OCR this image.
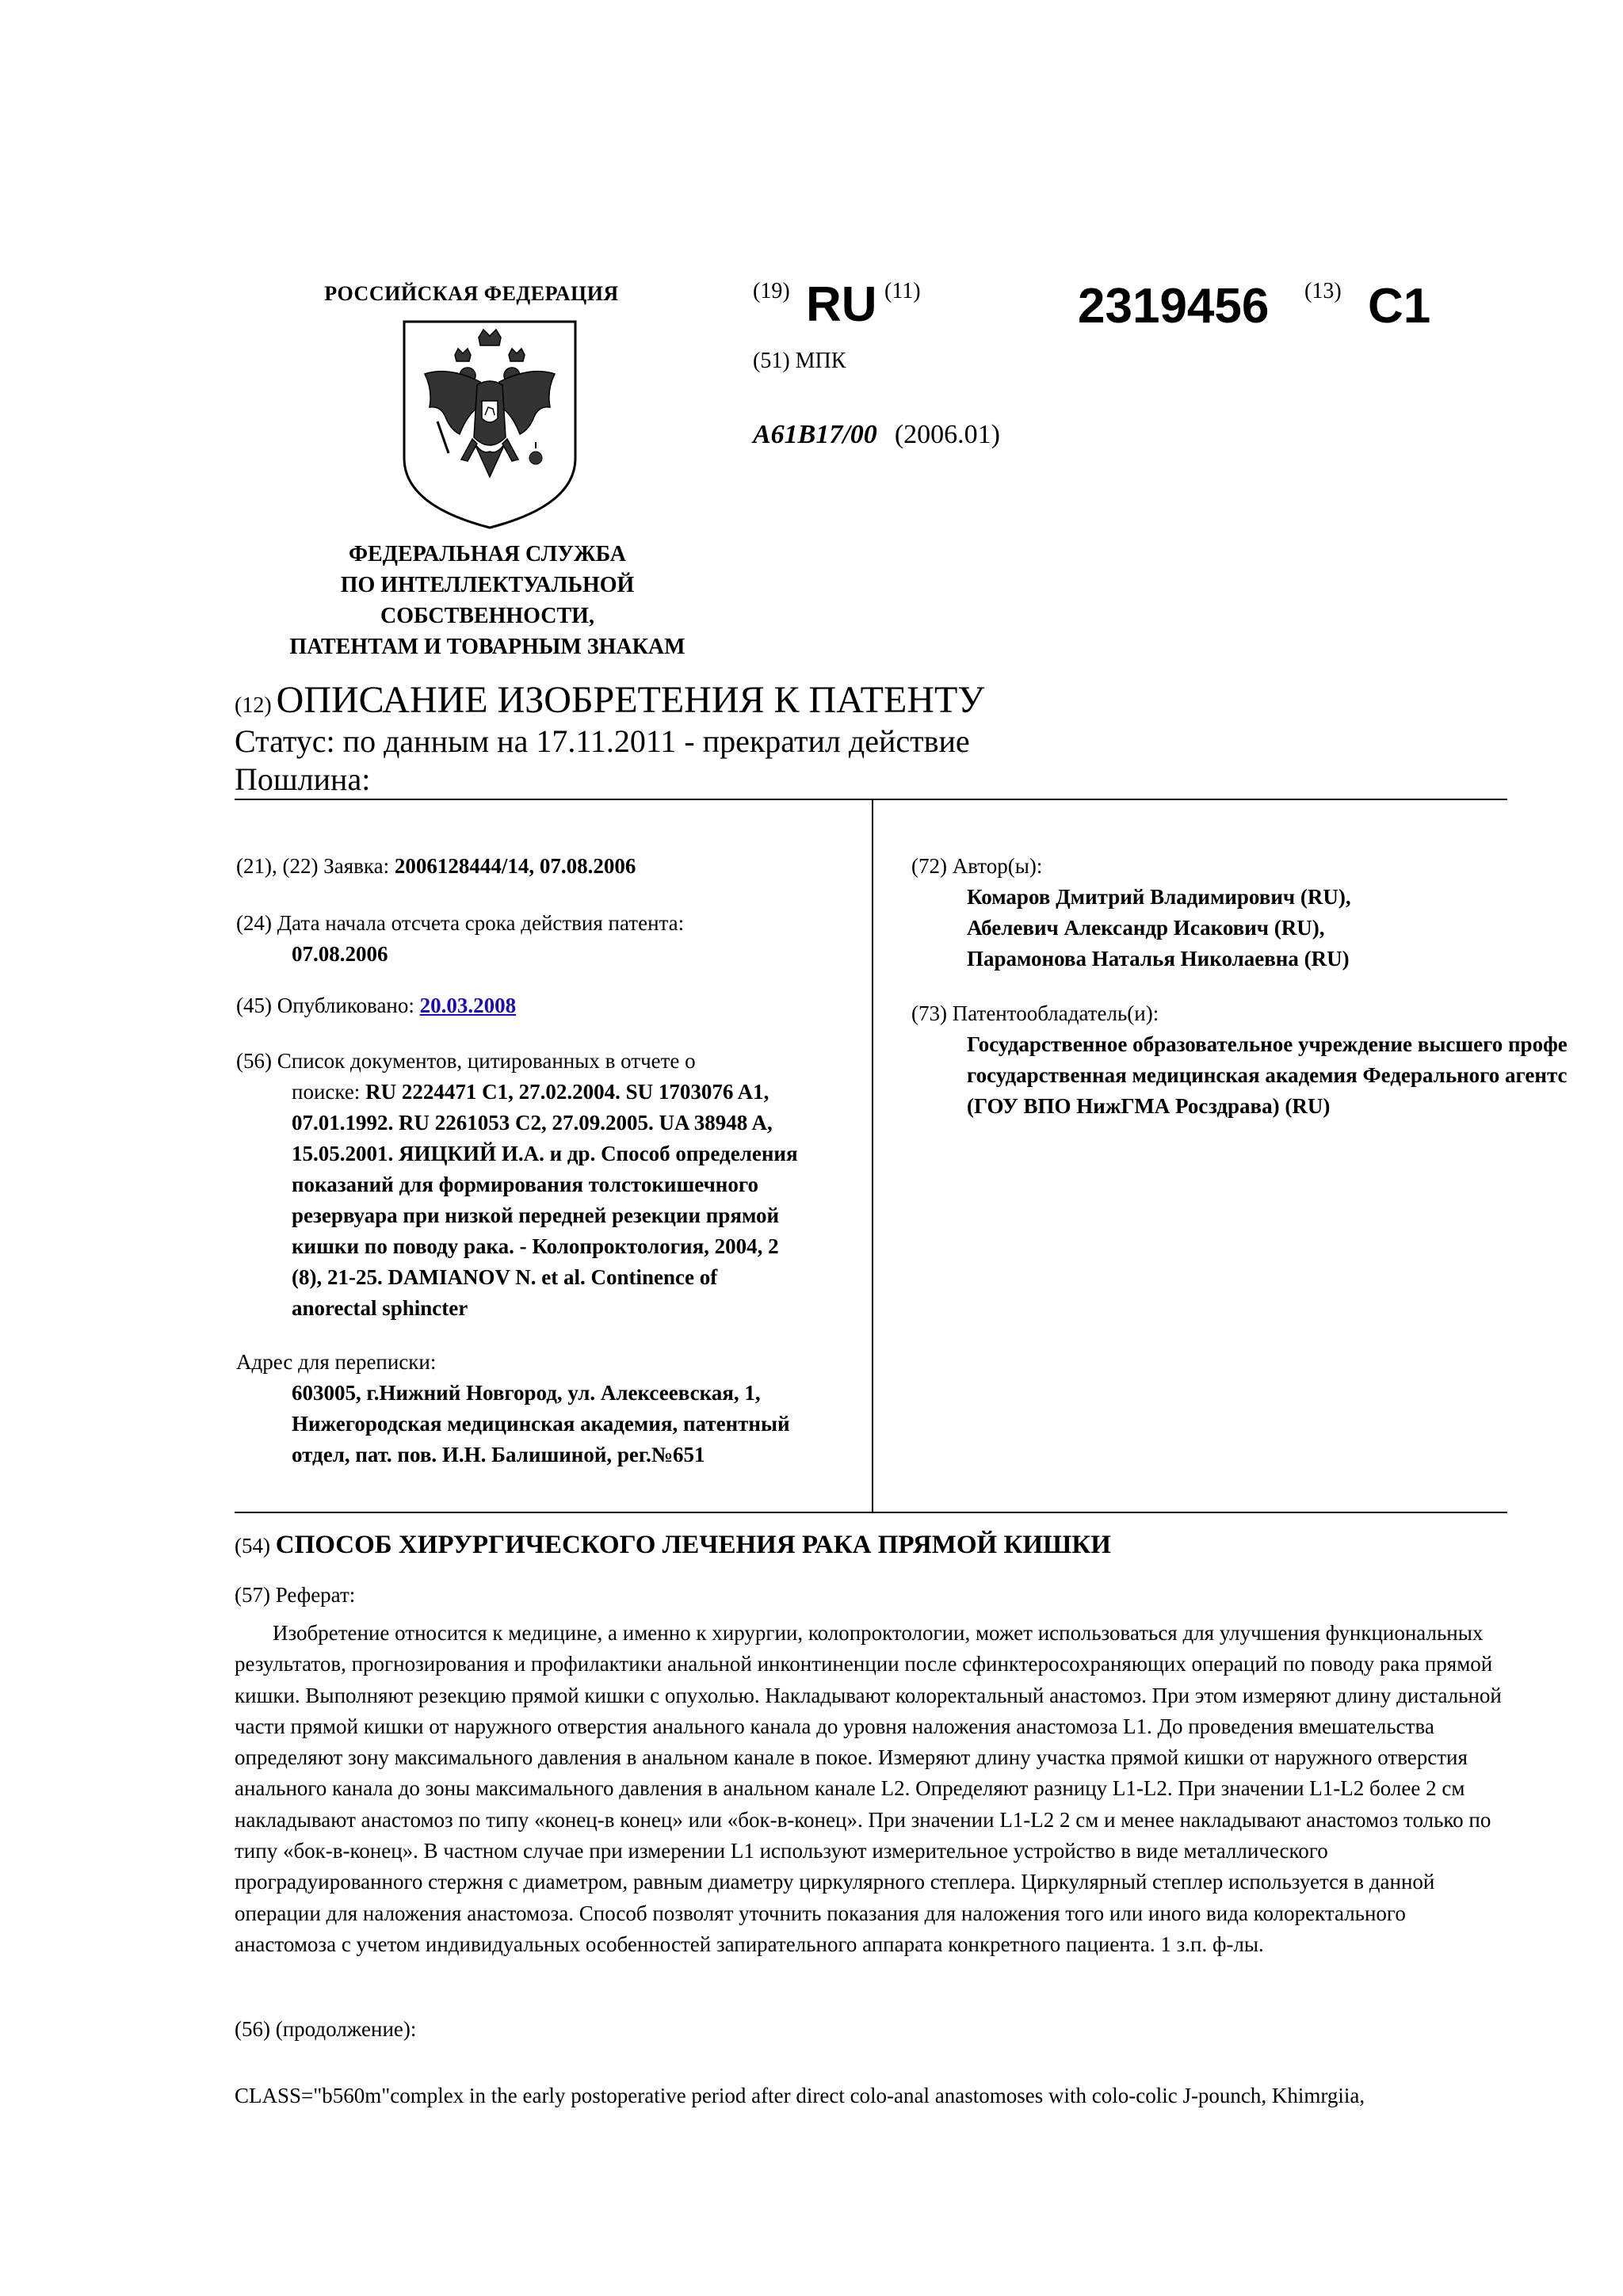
РОССИЙСКАЯ ФЕДЕРАЦИЯ
ФЕДЕРАЛЬНАЯ СЛУЖБА
ПО ИНТЕЛЛЕКТУАЛЬНОЙ
СОБСТВЕННОСТИ,
ПАТЕНТАМ И ТОВАРНЫМ ЗНАКАМ
(19) RU (11)	2319456 (13) C1
(51) МПК
A61B17/00 (2006.01)
(12) ОПИСАНИЕ ИЗОБРЕТЕНИЯ К ПАТЕНТУ
Статус: по данным на 17.11.2011 - прекратил действие
Пошлина:
(21), (22) Заявка: 2006128444/14, 07.08.2006
(24) Дата начала отсчета срока действия патента:
07.08.2006
(45) Опубликовано: 20.03.2008
(56) Список документов, цитированных в отчете о
поиске: RU 2224471 C1, 27.02.2004. SU 1703076 A1,
07.01.1992. RU 2261053 C2, 27.09.2005. UA 38948 A,
15.05.2001. ЯИЦКИЙ И.А. и др. Способ определения
показаний для формирования толстокишечного
резервуара при низкой передней резекции прямой
кишки по поводу рака. - Колопроктология, 2004, 2
(8), 21-25. DAMIANOV N. et al. Continence of
anorectal sphincter
Адрес для переписки:
603005, г.Нижний Новгород, ул. Алексеевская, 1,
Нижегородская медицинская академия, патентный
отдел, пат. пов. И.Н. Балишиной, рег.№651
(72) Автор(ы):
Комаров Дмитрий Владимирович (RU),
Абелевич Александр Исакович (RU),
Парамонова Наталья Николаевна (RU)
(73) Патентообладатель(и):
Государственное образовательное учреждение высшего профе
государственная медицинская академия Федерального агентс
(ГОУ ВПО НижГМА Росздрава) (RU)
(54) СПОСОБ ХИРУРГИЧЕСКОГО ЛЕЧЕНИЯ РАКА ПРЯМОЙ КИШКИ
(57) Реферат:

Изобретение относится к медицине, а именно к хирургии, колопроктологии, может использоваться для улучшения функциональных результатов, прогнозирования и профилактики анальной инконтиненции после сфинктеросохраняющих операций по поводу рака прямой кишки. Выполняют резекцию прямой кишки с опухолью. Накладывают колоректальный анастомоз. При этом измеряют длину дистальной части прямой кишки от наружного отверстия анального канала до уровня наложения анастомоза L1. До проведения вмешательства определяют зону максимального давления в анальном канале в покое. Измеряют длину участка прямой кишки от наружного отверстия анального канала до зоны максимального давления в анальном канале L2. Определяют разницу L1-L2. При значении L1-L2 более 2 см накладывают анастомоз по типу «конец-в конец» или «бок-в-конец». При значении L1-L2 2 см и менее накладывают анастомоз только по типу «бок-в-конец». В частном случае при измерении L1 используют измерительное устройство в виде металлического проградуированного стержня с диаметром, равным диаметру циркулярного степлера. Циркулярный степлер используется в данной операции для наложения анастомоза. Способ позволят уточнить показания для наложения того или иного вида колоректального анастомоза с учетом индивидуальных особенностей запирательного аппарата конкретного пациента. 1 з.п. ф-лы.

(56) (продолжение):
CLASS="b560m"complex in the early postoperative period after direct colo-anal anastomoses with colo-colic J-pounch, Khimrgiia,
